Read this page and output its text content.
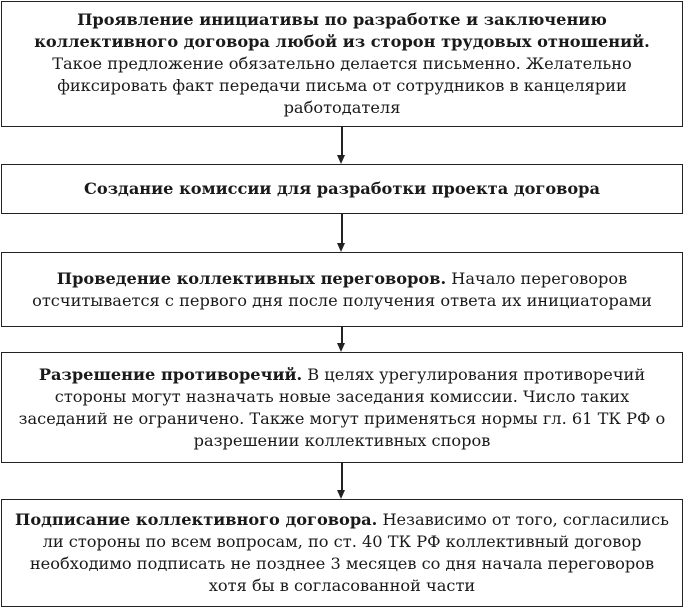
Проявление инициативы по разработке и заключению коллективного договора любой из сторон трудовых отношений. Такое предложение обязательно делается письменно. Желательно фиксировать факт передачи письма от сотрудников в канцелярии работодателя

Создание комиссии для разработки проекта договора

Проведение коллективных переговоров. Начало переговоров отсчитывается с первого дня после получения ответа их инициаторами

Разрешение противоречий. В целях урегулирования противоречий стороны могут назначать новые заседания комиссии. Число таких заседаний не ограничено. Также могут применяться нормы гл. 61 ТК РФ о разрешении коллективных споров

Подписание коллективного договора. Независимо от того, согласились ли стороны по всем вопросам, по ст. 40 ТК РФ коллективный договор необходимо подписать не позднее 3 месяцев со дня начала переговоров хотя бы в согласованной части
